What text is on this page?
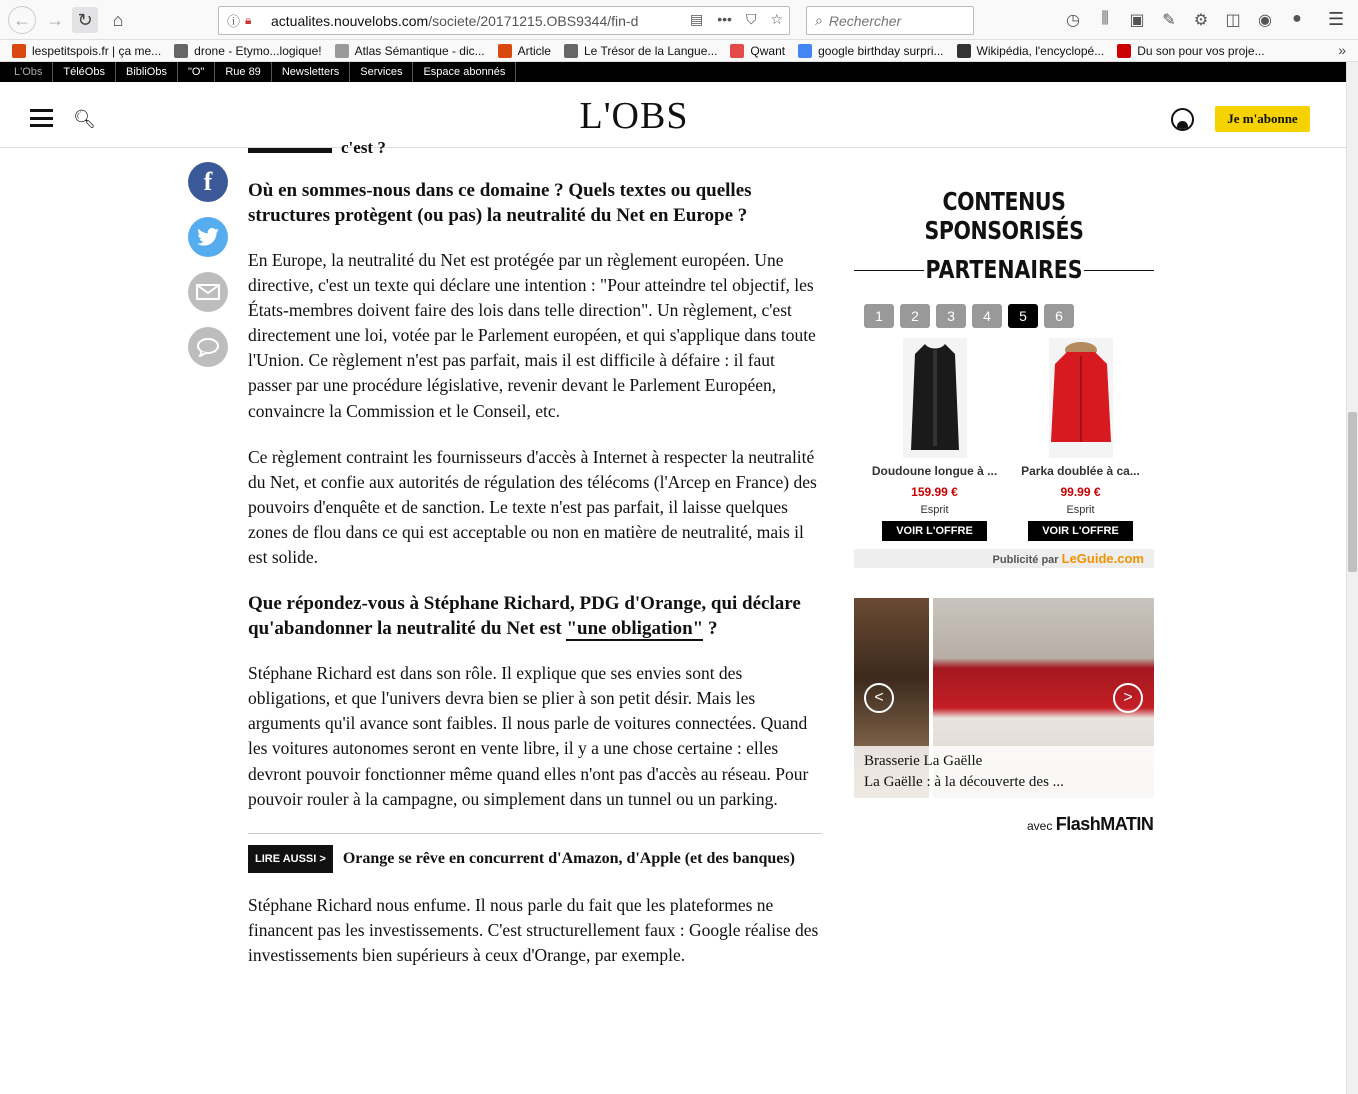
← → ↻ ⌂	ⓘ 🔒︎	actualites.nouvelobs.com/societe/20171215.OBS9344/fin-d	▤ ••• ⛉ ☆ ⌕
Rechercher	◷	⫼	▣ ✎ ⚙ ◫ ◉	● ☰
lespetitspois.fr | ça me...	drone - Etymo...logique!	Atlas Sémantique - dic...	Article	Le Trésor de la Langue...	Qwant	google birthday surpri...	Wikipédia, l'encyclopé...	Du son pour vos proje...	»
L'Obs	TéléObs	BibliObs	"O"	Rue 89	Newsletters	Services	Espace abonnés
🔍︎	L'OBS	Je m'abonne
f
c'est ?
Où en sommes-nous dans ce domaine ? Quels textes ou quelles structures protègent (ou pas) la neutralité du Net en Europe ?

En Europe, la neutralité du Net est protégée par un règlement européen. Une directive, c'est un texte qui déclare une intention : "Pour atteindre tel objectif, les États-membres doivent faire des lois dans telle direction". Un règlement, c'est directement une loi, votée par le Parlement européen, et qui s'applique dans toute l'Union. Ce règlement n'est pas parfait, mais il est difficile à défaire : il faut passer par une procédure législative, revenir devant le Parlement Européen, convaincre la Commission et le Conseil, etc.

Ce règlement contraint les fournisseurs d'accès à Internet à respecter la neutralité du Net, et confie aux autorités de régulation des télécoms (l'Arcep en France) des pouvoirs d'enquête et de sanction. Le texte n'est pas parfait, il laisse quelques zones de flou dans ce qui est acceptable ou non en matière de neutralité, mais il est solide.

Que répondez-vous à Stéphane Richard, PDG d'Orange, qui déclare qu'abandonner la neutralité du Net est "une obligation" ?

Stéphane Richard est dans son rôle. Il explique que ses envies sont des obligations, et que l'univers devra bien se plier à son petit désir. Mais les arguments qu'il avance sont faibles. Il nous parle de voitures connectées. Quand les voitures autonomes seront en vente libre, il y a une chose certaine : elles devront pouvoir fonctionner même quand elles n'ont pas d'accès au réseau. Pour pouvoir rouler à la campagne, ou simplement dans un tunnel ou un parking.

LIRE AUSSI >	Orange se rêve en concurrent d'Amazon, d'Apple (et des banques)

Stéphane Richard nous enfume. Il nous parle du fait que les plateformes ne financent pas les investissements. C'est structurellement faux : Google réalise des investissements bien supérieurs à ceux d'Orange, par exemple.

CONTENUS SPONSORISÉS
PARTENAIRES
1	2	3	4	5	6
Doudoune longue à ...
159.99 €
Esprit
VOIR L'OFFRE
Parka doublée à ca...
99.99 €
Esprit
VOIR L'OFFRE
Publicité par LeGuide.com
<	>
Brasserie La Gaëlle
La Gaëlle : à la découverte des ...
avec FlashMATIN
